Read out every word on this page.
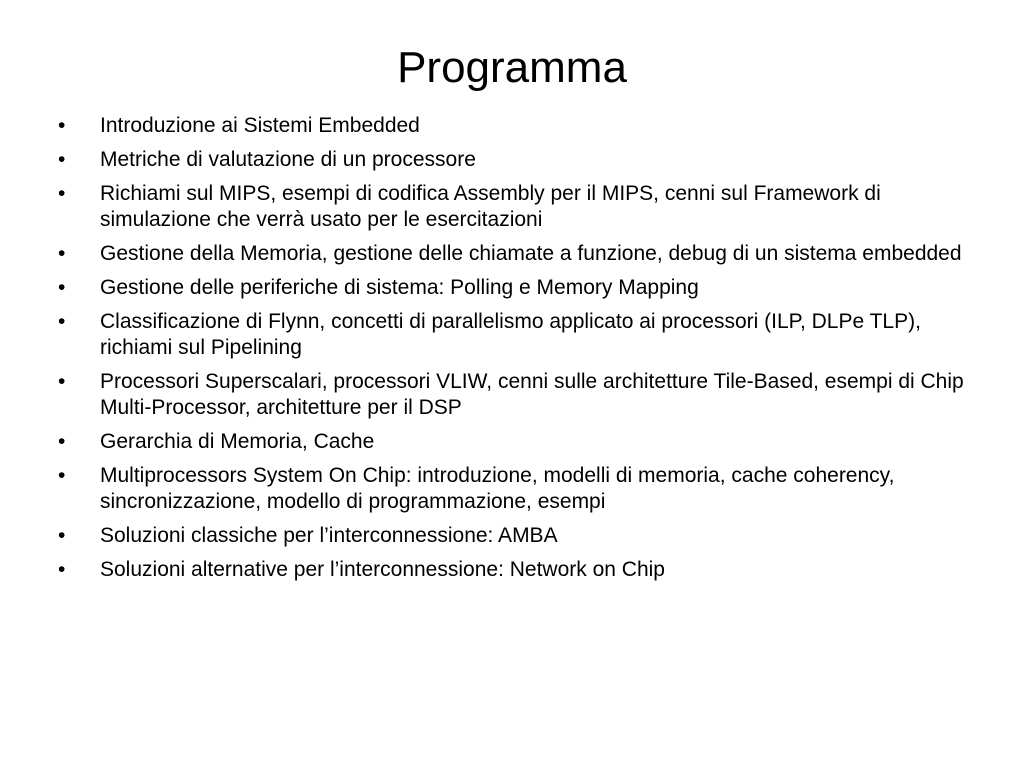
Programma
•	Introduzione ai Sistemi Embedded
•	Metriche di valutazione di un processore
•	Richiami sul MIPS, esempi di codifica Assembly per il MIPS, cenni sul Framework di simulazione che verrà usato per le esercitazioni
•	Gestione della Memoria, gestione delle chiamate a funzione, debug di un sistema embedded
•	Gestione delle periferiche di sistema: Polling e Memory Mapping
•	Classificazione di Flynn, concetti di parallelismo applicato ai processori (ILP, DLPe TLP), richiami sul Pipelining
•	Processori Superscalari, processori VLIW, cenni sulle architetture Tile-Based, esempi di Chip Multi-Processor, architetture per il DSP
•	Gerarchia di Memoria, Cache
•	Multiprocessors System On Chip: introduzione, modelli di memoria, cache coherency, sincronizzazione, modello di programmazione, esempi
•	Soluzioni classiche per l’interconnessione: AMBA
•	Soluzioni alternative per l’interconnessione: Network on Chip
